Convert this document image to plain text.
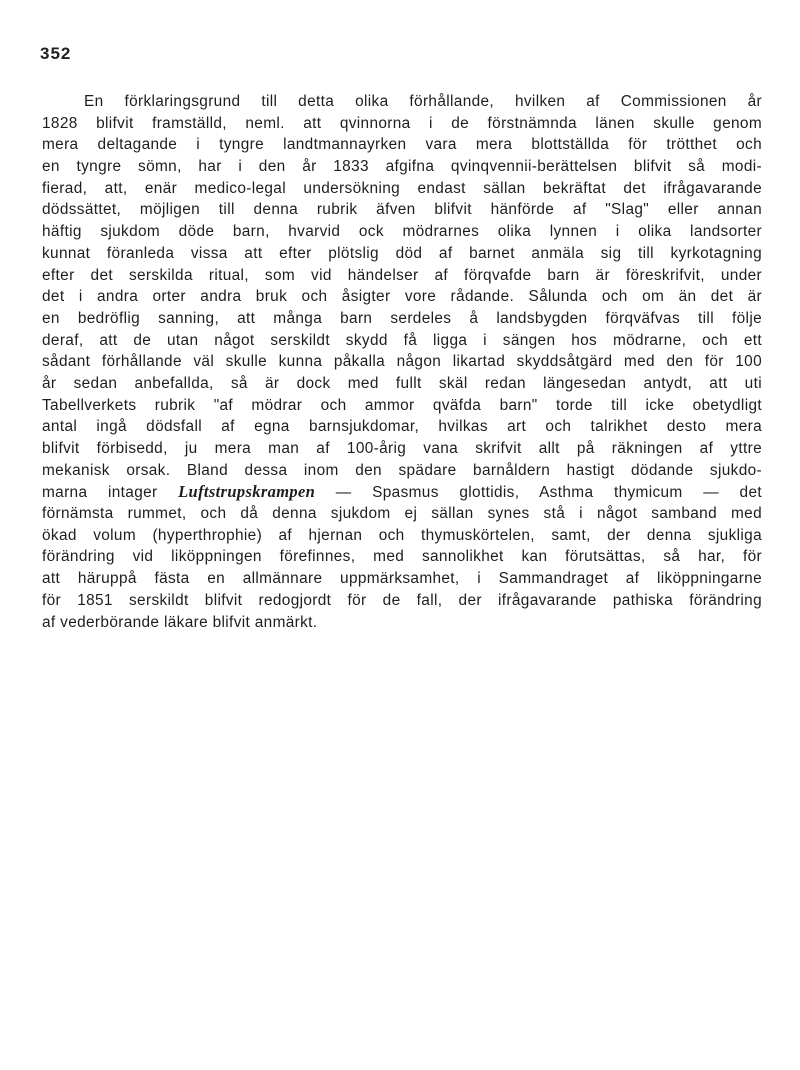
352
En förklaringsgrund till detta olika förhållande, hvilken af Commissionen år
1828 blifvit framställd, neml. att qvinnorna i de förstnämnda länen skulle genom
mera deltagande i tyngre landtmannayrken vara mera blottställda för trötthet och
en tyngre sömn, har i den år 1833 afgifna qvinqvennii-berättelsen blifvit så modi-
fierad, att, enär medico-legal undersökning endast sällan bekräftat det ifrågavarande
dödssättet, möjligen till denna rubrik äfven blifvit hänförde af "Slag" eller annan
häftig sjukdom döde barn, hvarvid ock mödrarnes olika lynnen i olika landsorter
kunnat föranleda vissa att efter plötslig död af barnet anmäla sig till kyrkotagning
efter det serskilda ritual, som vid händelser af förqvafde barn är föreskrifvit, under
det i andra orter andra bruk och åsigter vore rådande. Sålunda och om än det är
en bedröflig sanning, att många barn serdeles å landsbygden förqväfvas till följe
deraf, att de utan något serskildt skydd få ligga i sängen hos mödrarne, och ett
sådant förhållande väl skulle kunna påkalla någon likartad skyddsåtgärd med den för 100
år sedan anbefallda, så är dock med fullt skäl redan längesedan antydt, att uti
Tabellverkets rubrik "af mödrar och ammor qväfda barn" torde till icke obetydligt
antal ingå dödsfall af egna barnsjukdomar, hvilkas art och talrikhet desto mera
blifvit förbisedd, ju mera man af 100-årig vana skrifvit allt på räkningen af yttre
mekanisk orsak. Bland dessa inom den spädare barnåldern hastigt dödande sjukdo-
marna intager Luftstrupskrampen — Spasmus glottidis, Asthma thymicum — det
förnämsta rummet, och då denna sjukdom ej sällan synes stå i något samband med
ökad volum (hyperthrophie) af hjernan och thymuskörtelen, samt, der denna sjukliga
förändring vid liköppningen förefinnes, med sannolikhet kan förutsättas, så har, för
att häruppå fästa en allmännare uppmärksamhet, i Sammandraget af liköppningarne
för 1851 serskildt blifvit redogjordt för de fall, der ifrågavarande pathiska förändring
af vederbörande läkare blifvit anmärkt.
